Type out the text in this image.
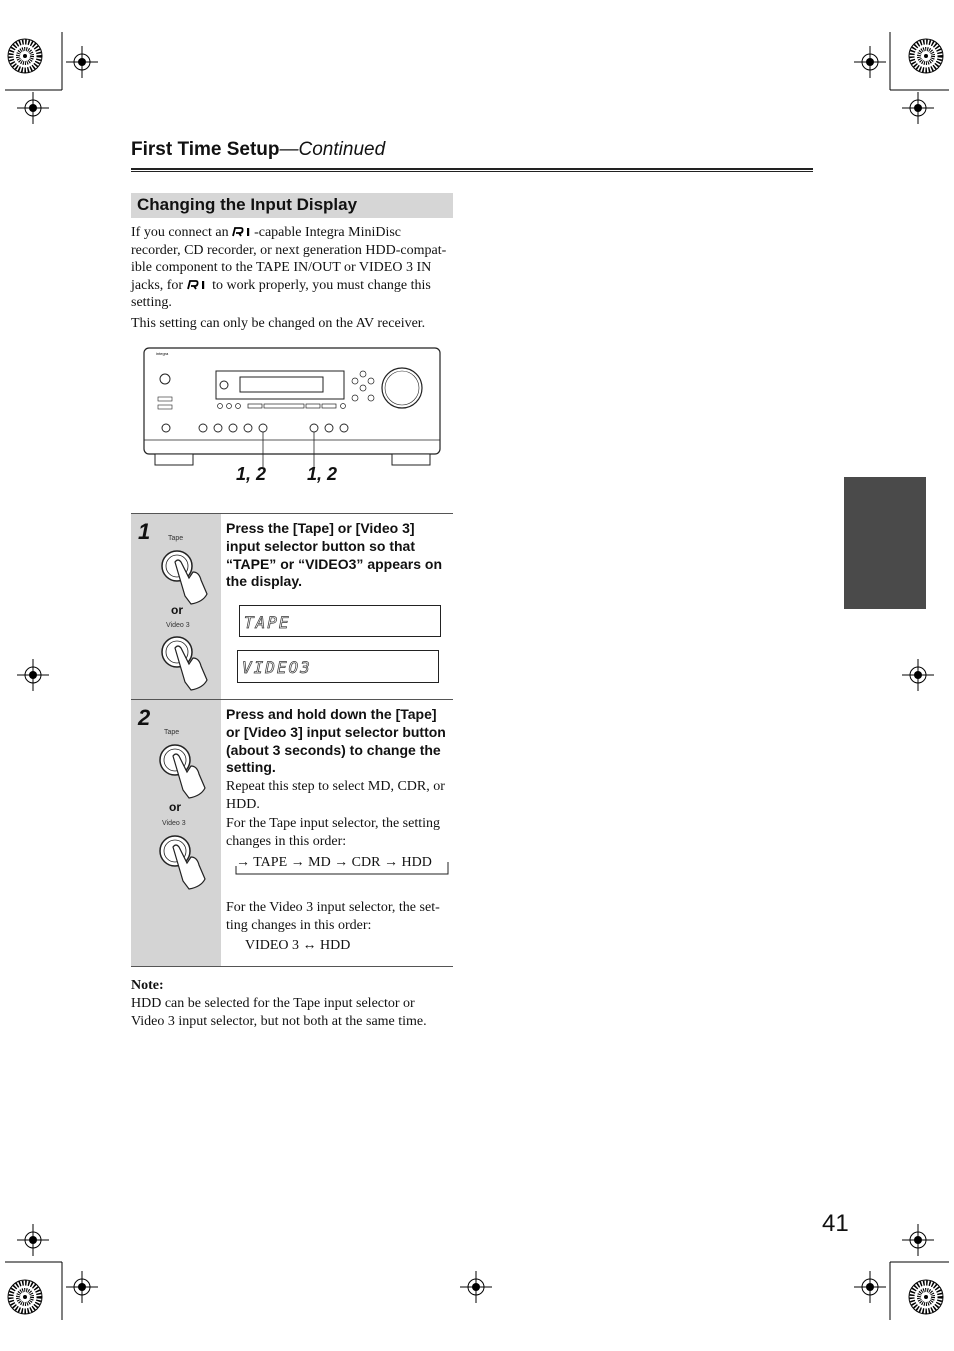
First Time Setup—Continued
Changing the Input Display
If you connect an -capable Integra MiniDisc
recorder, CD recorder, or next generation HDD-compat-
ible component to the TAPE IN/OUT or VIDEO 3 IN
jacks, for to work properly, you must change this
setting.
This setting can only be changed on the AV receiver.
integra
1, 2 1, 2
1	Tape
or
Video 3
Press the [Tape] or [Video 3] input selector button so that “TAPE” or “VIDEO3” appears on the display.
TAPE
VIDEO3
2
Tape
or
Video 3
Press and hold down the [Tape] or [Video 3] input selector button (about 3 seconds) to change the setting.
Repeat this step to select MD, CDR, or HDD.
For the Tape input selector, the setting changes in this order:
→ TAPE → MD → CDR → HDD
For the Video 3 input selector, the set-ting changes in this order:
VIDEO 3 ↔ HDD
Note:
HDD can be selected for the Tape input selector or Video 3 input selector, but not both at the same time.
41
